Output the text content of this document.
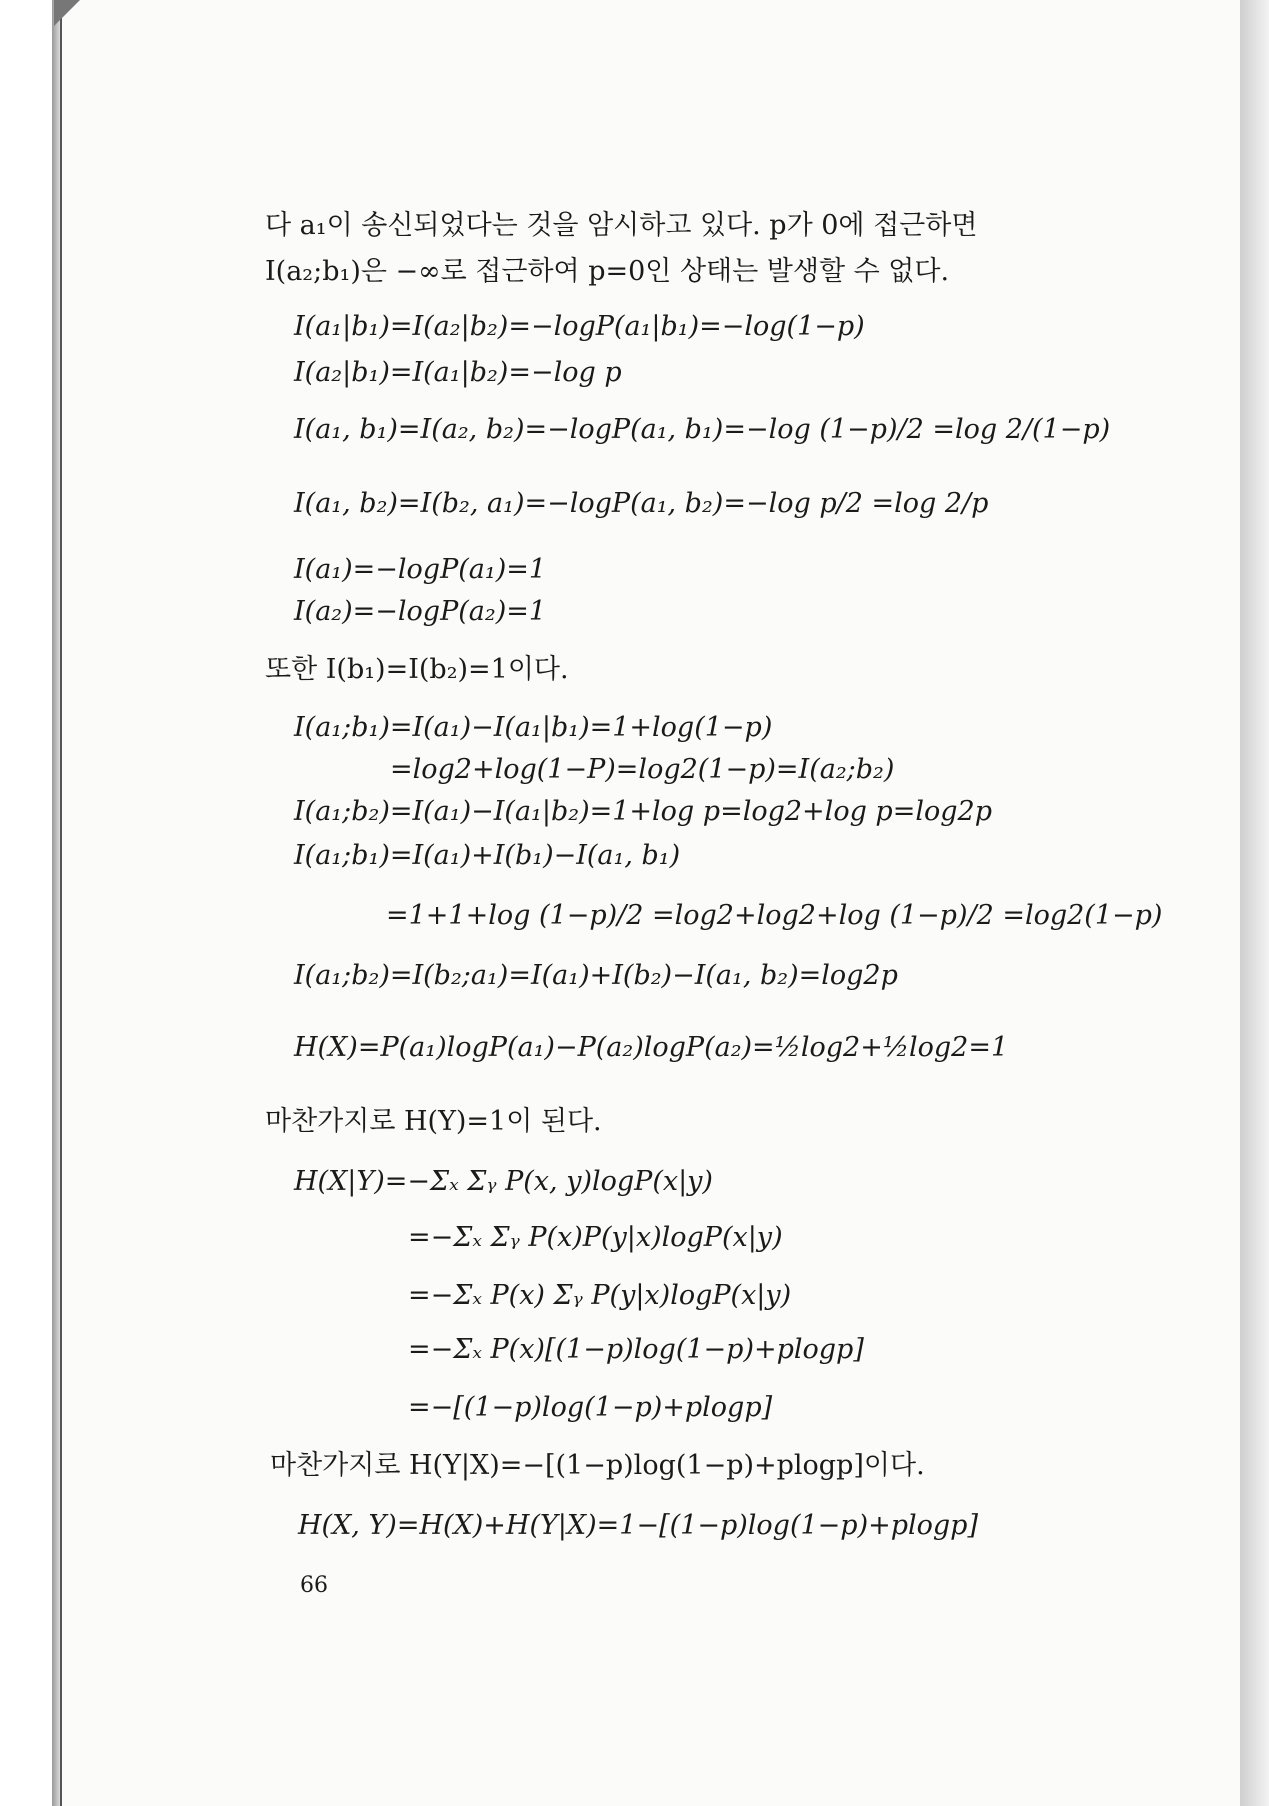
다 a₁이 송신되었다는 것을 암시하고 있다. p가 0에 접근하면
I(a₂;b₁)은 −∞로 접근하여 p=0인 상태는 발생할 수 없다.
I(a₁|b₁)=I(a₂|b₂)=−logP(a₁|b₁)=−log(1−p)
I(a₂|b₁)=I(a₁|b₂)=−log p
I(a₁, b₁)=I(a₂, b₂)=−logP(a₁, b₁)=−log (1−p)/2 =log 2/(1−p)
I(a₁, b₂)=I(b₂, a₁)=−logP(a₁, b₂)=−log p/2 =log 2/p
I(a₁)=−logP(a₁)=1
I(a₂)=−logP(a₂)=1
또한 I(b₁)=I(b₂)=1이다.
I(a₁;b₁)=I(a₁)−I(a₁|b₁)=1+log(1−p)
=log2+log(1−P)=log2(1−p)=I(a₂;b₂)
I(a₁;b₂)=I(a₁)−I(a₁|b₂)=1+log p=log2+log p=log2p
I(a₁;b₁)=I(a₁)+I(b₁)−I(a₁, b₁)
=1+1+log (1−p)/2 =log2+log2+log (1−p)/2 =log2(1−p)
I(a₁;b₂)=I(b₂;a₁)=I(a₁)+I(b₂)−I(a₁, b₂)=log2p
H(X)=P(a₁)logP(a₁)−P(a₂)logP(a₂)=½log2+½log2=1
마찬가지로 H(Y)=1이 된다.
H(X|Y)=−Σₓ Σᵧ P(x, y)logP(x|y)
=−Σₓ Σᵧ P(x)P(y|x)logP(x|y)
=−Σₓ P(x) Σᵧ P(y|x)logP(x|y)
=−Σₓ P(x)[(1−p)log(1−p)+plogp]
=−[(1−p)log(1−p)+plogp]
마찬가지로 H(Y|X)=−[(1−p)log(1−p)+plogp]이다.
H(X, Y)=H(X)+H(Y|X)=1−[(1−p)log(1−p)+plogp]
66
